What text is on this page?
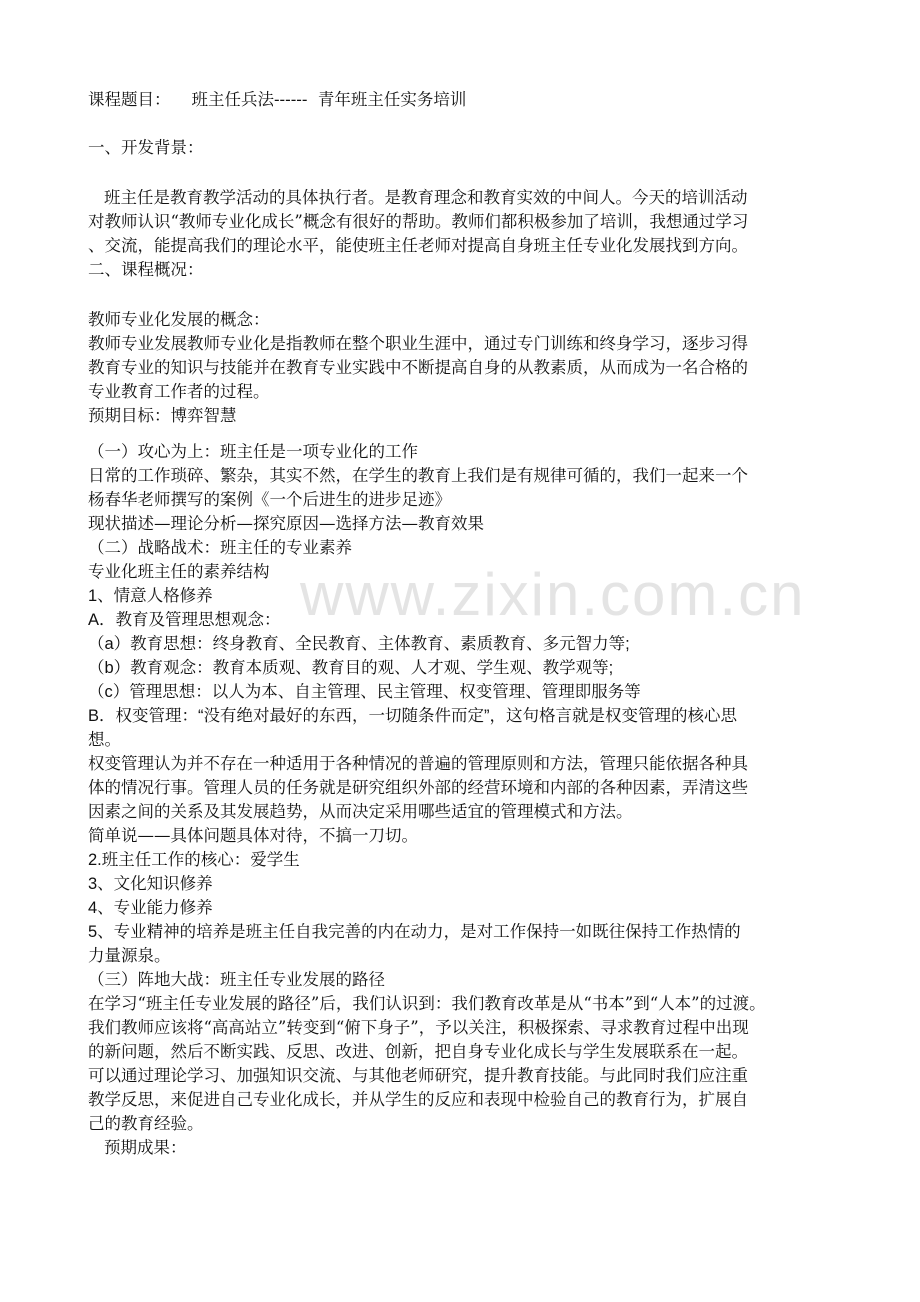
www.zixin.com.cn

课程题目：    班主任兵法------  青年班主任实务培训

一、开发背景：

班主任是教育教学活动的具体执行者。是教育理念和教育实效的中间人。今天的培训活动

对教师认识“教师专业化成长”概念有很好的帮助。教师们都积极参加了培训，我想通过学习

、交流，能提高我们的理论水平，能使班主任老师对提高自身班主任专业化发展找到方向。

二、课程概况：

教师专业化发展的概念：

教师专业发展教师专业化是指教师在整个职业生涯中，通过专门训练和终身学习，逐步习得

教育专业的知识与技能并在教育专业实践中不断提高自身的从教素质，从而成为一名合格的

专业教育工作者的过程。

预期目标：博弈智慧

（一）攻心为上：班主任是一项专业化的工作

日常的工作琐碎、繁杂，其实不然，在学生的教育上我们是有规律可循的，我们一起来一个

杨春华老师撰写的案例《一个后进生的进步足迹》

现状描述—理论分析—探究原因—选择方法—教育效果

（二）战略战术：班主任的专业素养

专业化班主任的素养结构

1、情意人格修养

A．教育及管理思想观念：

（a）教育思想：终身教育、全民教育、主体教育、素质教育、多元智力等;

（b）教育观念：教育本质观、教育目的观、人才观、学生观、教学观等;

（c）管理思想：以人为本、自主管理、民主管理、权变管理、管理即服务等

B．权变管理：“没有绝对最好的东西，一切随条件而定”，这句格言就是权变管理的核心思

想。

权变管理认为并不存在一种适用于各种情况的普遍的管理原则和方法，管理只能依据各种具

体的情况行事。管理人员的任务就是研究组织外部的经营环境和内部的各种因素，弄清这些

因素之间的关系及其发展趋势，从而决定采用哪些适宜的管理模式和方法。

简单说——具体问题具体对待，不搞一刀切。

2.班主任工作的核心：爱学生

3、文化知识修养

4、专业能力修养

5、专业精神的培养是班主任自我完善的内在动力，是对工作保持一如既往保持工作热情的

力量源泉。

（三）阵地大战：班主任专业发展的路径

在学习“班主任专业发展的路径”后，我们认识到：我们教育改革是从“书本”到“人本”的过渡。

我们教师应该将“高高站立”转变到“俯下身子”，予以关注，积极探索、寻求教育过程中出现

的新问题，然后不断实践、反思、改进、创新，把自身专业化成长与学生发展联系在一起。

可以通过理论学习、加强知识交流、与其他老师研究，提升教育技能。与此同时我们应注重

教学反思，来促进自己专业化成长，并从学生的反应和表现中检验自己的教育行为，扩展自

己的教育经验。

预期成果：
